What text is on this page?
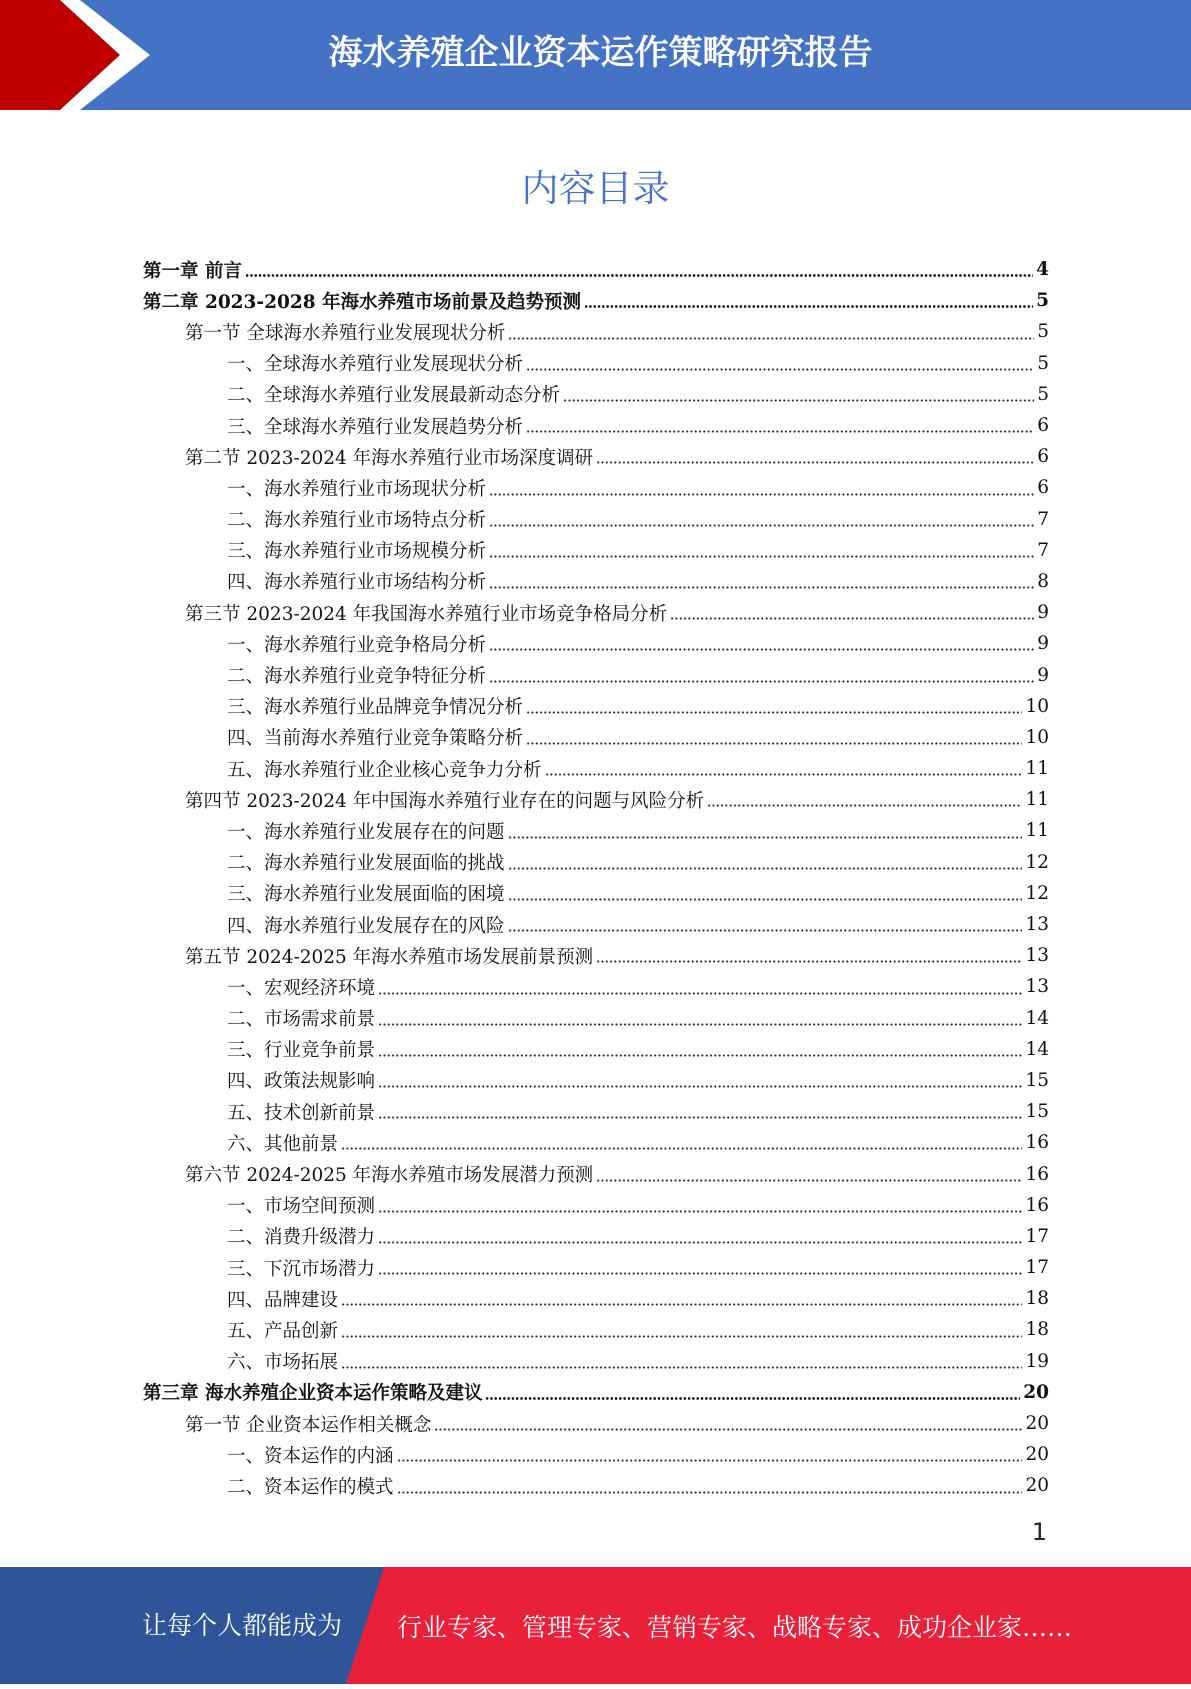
海水养殖企业资本运作策略研究报告
内容目录
第一章 前言	4
第二章 2023-2028 年海水养殖市场前景及趋势预测	5
第一节 全球海水养殖行业发展现状分析	5
一、全球海水养殖行业发展现状分析	5
二、全球海水养殖行业发展最新动态分析	5
三、全球海水养殖行业发展趋势分析	6
第二节 2023-2024 年海水养殖行业市场深度调研	6
一、海水养殖行业市场现状分析	6
二、海水养殖行业市场特点分析	7
三、海水养殖行业市场规模分析	7
四、海水养殖行业市场结构分析	8
第三节 2023-2024 年我国海水养殖行业市场竞争格局分析	9
一、海水养殖行业竞争格局分析	9
二、海水养殖行业竞争特征分析	9
三、海水养殖行业品牌竞争情况分析	10
四、当前海水养殖行业竞争策略分析	10
五、海水养殖行业企业核心竞争力分析	11
第四节 2023-2024 年中国海水养殖行业存在的问题与风险分析	11
一、海水养殖行业发展存在的问题	11
二、海水养殖行业发展面临的挑战	12
三、海水养殖行业发展面临的困境	12
四、海水养殖行业发展存在的风险	13
第五节 2024-2025 年海水养殖市场发展前景预测	13
一、宏观经济环境	13
二、市场需求前景	14
三、行业竞争前景	14
四、政策法规影响	15
五、技术创新前景	15
六、其他前景	16
第六节 2024-2025 年海水养殖市场发展潜力预测	16
一、市场空间预测	16
二、消费升级潜力	17
三、下沉市场潜力	17
四、品牌建设	18
五、产品创新	18
六、市场拓展	19
第三章 海水养殖企业资本运作策略及建议	20
第一节 企业资本运作相关概念	20
一、资本运作的内涵	20
二、资本运作的模式	20
1
让每个人都能成为 行业专家、管理专家、营销专家、战略专家、成功企业家……
